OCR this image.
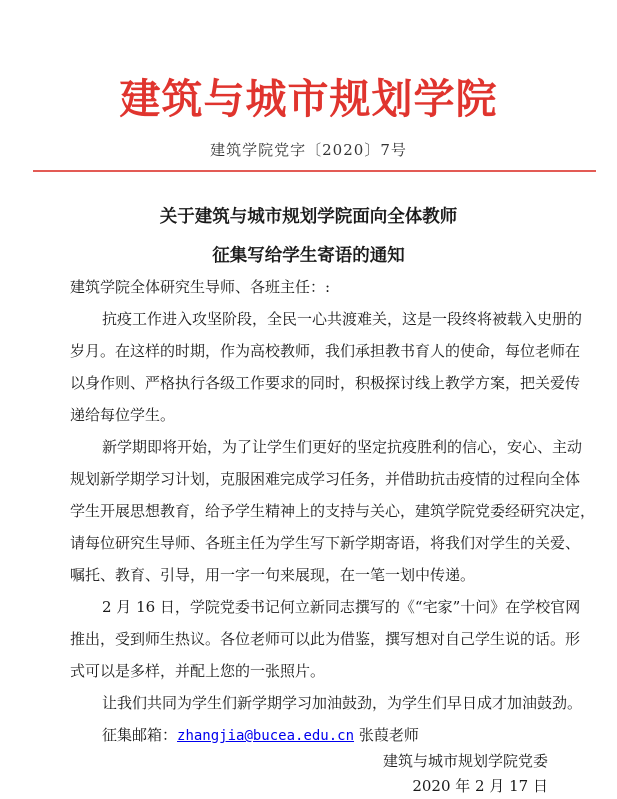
建筑与城市规划学院
建筑学院党字〔2020〕7号
关于建筑与城市规划学院面向全体教师
征集写给学生寄语的通知
建筑学院全体研究生导师、各班主任：:
抗疫工作进入攻坚阶段，全民一心共渡难关，这是一段终将被载入史册的
岁月。在这样的时期，作为高校教师，我们承担教书育人的使命，每位老师在
以身作则、严格执行各级工作要求的同时，积极探讨线上教学方案，把关爱传
递给每位学生。
新学期即将开始，为了让学生们更好的坚定抗疫胜利的信心，安心、主动
规划新学期学习计划，克服困难完成学习任务，并借助抗击疫情的过程向全体
学生开展思想教育，给予学生精神上的支持与关心，建筑学院党委经研究决定，
请每位研究生导师、各班主任为学生写下新学期寄语，将我们对学生的关爱、
嘱托、教育、引导，用一字一句来展现，在一笔一划中传递。
2 月 16 日，学院党委书记何立新同志撰写的《“宅家”十问》在学校官网
推出，受到师生热议。各位老师可以此为借鉴，撰写想对自己学生说的话。形
式可以是多样，并配上您的一张照片。
让我们共同为学生们新学期学习加油鼓劲，为学生们早日成才加油鼓劲。
征集邮箱：zhangjia@bucea.edu.cn 张葭老师
建筑与城市规划学院党委
2020 年 2 月 17 日
